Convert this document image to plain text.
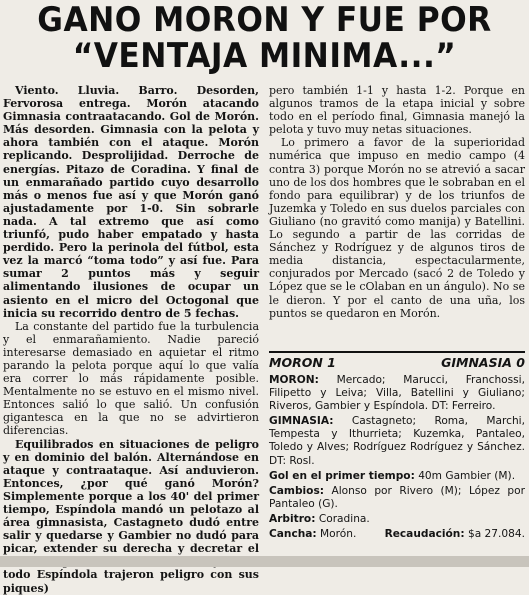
GANO MORON Y FUE POR
“VENTAJA MINIMA...”

Viento. Lluvia. Barro. Desorden, Fervorosa entrega. Morón atacando Gimnasia contraatacando. Gol de Morón. Más desorden. Gimnasia con la pelota y ahora también con el ataque. Morón replicando. Desprolijidad. Derroche de energías. Pitazo de Coradina. Y final de un enmarañado partido cuyo desarrollo más o menos fue así y que Morón ganó ajustadamente por 1-0. Sin sobrarle nada. A tal extremo que así como triunfó, pudo haber empatado y hasta perdido. Pero la perinola del fútbol, esta vez la marcó “toma todo” y así fue. Para sumar 2 puntos más y seguir alimentando ilusiones de ocupar un asiento en el micro del Octogonal que inicia su recorrido dentro de 5 fechas.

La constante del partido fue la turbulencia y el enmarañamiento. Nadie pareció interesarse demasiado en aquietar el ritmo parando la pelota porque aquí lo que valía era correr lo más rápidamente posible. Mentalmente no se estuvo en el mismo nivel. Entonces salió lo que salió. Un confusión gigantesca en la que no se advirtieron diferencias.

Equilibrados en situaciones de peligro y en dominio del balón. Alternándose en ataque y contraataque. Así anduvieron. Entonces, ¿por qué ganó Morón? Simplemente porque a los 40' del primer tiempo, Espíndola mandó un pelotazo al área gimnasista, Castagneto dudó entre salir y quedarse y Gambier no dudó para picar, extender su derecha y decretar el todo Espíndola trajeron peligro con sus piques)

pero también 1-1 y hasta 1-2. Porque en algunos tramos de la etapa inicial y sobre todo en el período final, Gimnasia manejó la pelota y tuvo muy netas situaciones.

Lo primero a favor de la superioridad numérica que impuso en medio campo (4 contra 3) porque Morón no se atrevió a sacar uno de los dos hombres que le sobraban en el fondo para equilibrar) y de los triunfos de Juzemka y Toledo en sus duelos parciales con Giuliano (no gravitó como manija) y Batellini. Lo segundo a partir de las corridas de Sánchez y Rodríguez y de algunos tiros de media distancia, espectacularmente, conjurados por Mercado (sacó 2 de Toledo y López que se le cOlaban en un ángulo). No se le dieron. Y por el canto de una uña, los puntos se quedaron en Morón.

MORON 1	GIMNASIA 0

MORON: Mercado; Marucci, Franchossi, Filipetto y Leiva; Villa, Batellini y Giuliano; Riveros, Gambier y Espíndola. DT: Ferreiro.

GIMNASIA: Castagneto; Roma, Marchi, Tempesta y Ithurrieta; Kuzemka, Pantaleo, Toledo y Alves; Rodríguez Rodríguez y Sánchez. DT: Rosl.

Gol en el primer tiempo: 40m Gambier (M).

Cambios: Alonso por Rivero (M); López por Pantaleo (G).

Arbitro: Coradina.

Cancha: Morón.	Recaudación: $a 27.084.
